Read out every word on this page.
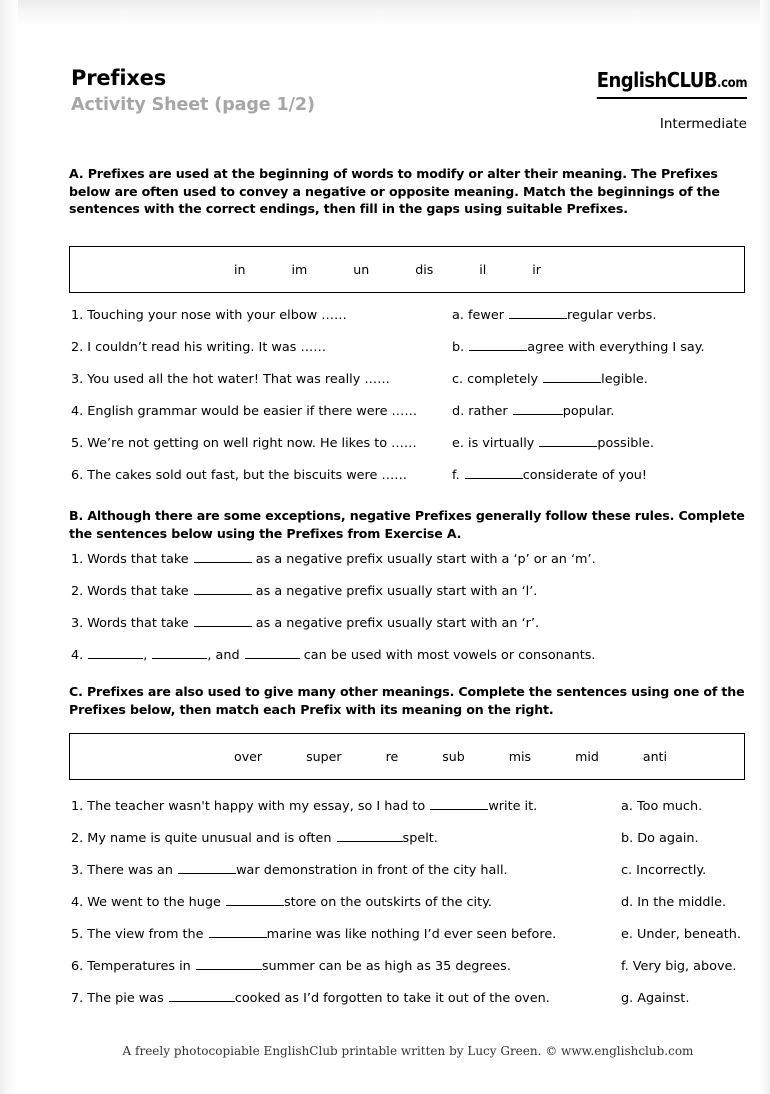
Prefixes
Activity Sheet (page 1/2)
EnglishCLUB.com
Intermediate
A. Prefixes are used at the beginning of words to modify or alter their meaning. The Prefixes below are often used to convey a negative or opposite meaning. Match the beginnings of the sentences with the correct endings, then fill in the gaps using suitable Prefixes.
in	im	un	dis	il	ir
1. Touching your nose with your elbow ……	a. fewer	regular verbs.
2. I couldn’t read his writing. It was ……	b.	agree with everything I say.
3. You used all the hot water! That was really ……	c. completely	legible.
4. English grammar would be easier if there were ……	d. rather	popular.
5. We’re not getting on well right now. He likes to ……	e. is virtually	possible.
6. The cakes sold out fast, but the biscuits were ……	f.	considerate of you!
B. Although there are some exceptions, negative Prefixes generally follow these rules. Complete the sentences below using the Prefixes from Exercise A.
1. Words that take	as a negative prefix usually start with a ‘p’ or an ‘m’.
2. Words that take	as a negative prefix usually start with an ‘l’.
3. Words that take	as a negative prefix usually start with an ‘r’.
4.	,	, and	can be used with most vowels or consonants.
C. Prefixes are also used to give many other meanings. Complete the sentences using one of the Prefixes below, then match each Prefix with its meaning on the right.
over	super	re	sub	mis	mid	anti
1. The teacher wasn't happy with my essay, so I had to	write it.	a. Too much.
2. My name is quite unusual and is often	spelt.	b. Do again.
3. There was an	war demonstration in front of the city hall.	c. Incorrectly.
4. We went to the huge	store on the outskirts of the city.	d. In the middle.
5. The view from the	marine was like nothing I’d ever seen before.	e. Under, beneath.
6. Temperatures in	summer can be as high as 35 degrees.	f. Very big, above.
7. The pie was	cooked as I’d forgotten to take it out of the oven.	g. Against.
A freely photocopiable EnglishClub printable written by Lucy Green. © www.englishclub.com
